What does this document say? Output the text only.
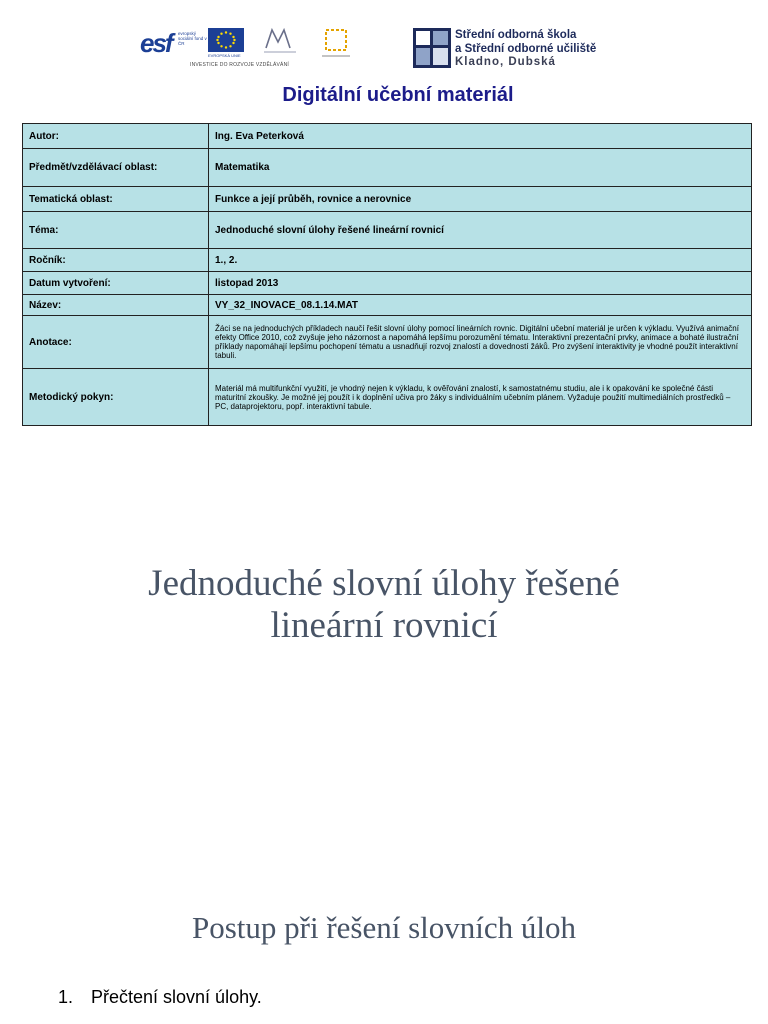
esf evropský sociální fond v ČR
EVROPSKÁ UNIE
INVESTICE DO ROZVOJE VZDĚLÁVÁNÍ
Střední odborná škola
a Střední odborné učiliště
Kladno, Dubská
Digitální učební materiál
Autor:	Ing. Eva Peterková
Předmět/vzdělávací oblast:	Matematika
Tematická oblast:	Funkce a její průběh, rovnice a nerovnice
Téma:	Jednoduché slovní úlohy řešené lineární rovnicí
Ročník:	1., 2.
Datum vytvoření:	listopad 2013
Název:	VY_32_INOVACE_08.1.14.MAT
Anotace:	Žáci se na jednoduchých příkladech naučí řešit slovní úlohy pomocí lineárních rovnic. Digitální učební materiál je určen k výkladu. Využívá animační efekty Office 2010, což zvyšuje jeho názornost a napomáhá lepšímu porozumění tématu. Interaktivní prezentační prvky, animace a bohaté ilustrační příklady napomáhají lepšímu pochopení tématu a usnadňují rozvoj znalostí a dovedností žáků. Pro zvýšení interaktivity je vhodné použít interaktivní tabuli.
Metodický pokyn:	Materiál má multifunkční využití, je vhodný nejen k výkladu, k ověřování znalostí, k samostatnému studiu, ale i k opakování ke společné části maturitní zkoušky. Je možné jej použít i k doplnění učiva pro žáky s individuálním učebním plánem. Vyžaduje použití multimediálních prostředků – PC, dataprojektoru, popř. interaktivní tabule.
Jednoduché slovní úlohy řešené
lineární rovnicí
Postup při řešení slovních úloh
1. Přečtení slovní úlohy.
